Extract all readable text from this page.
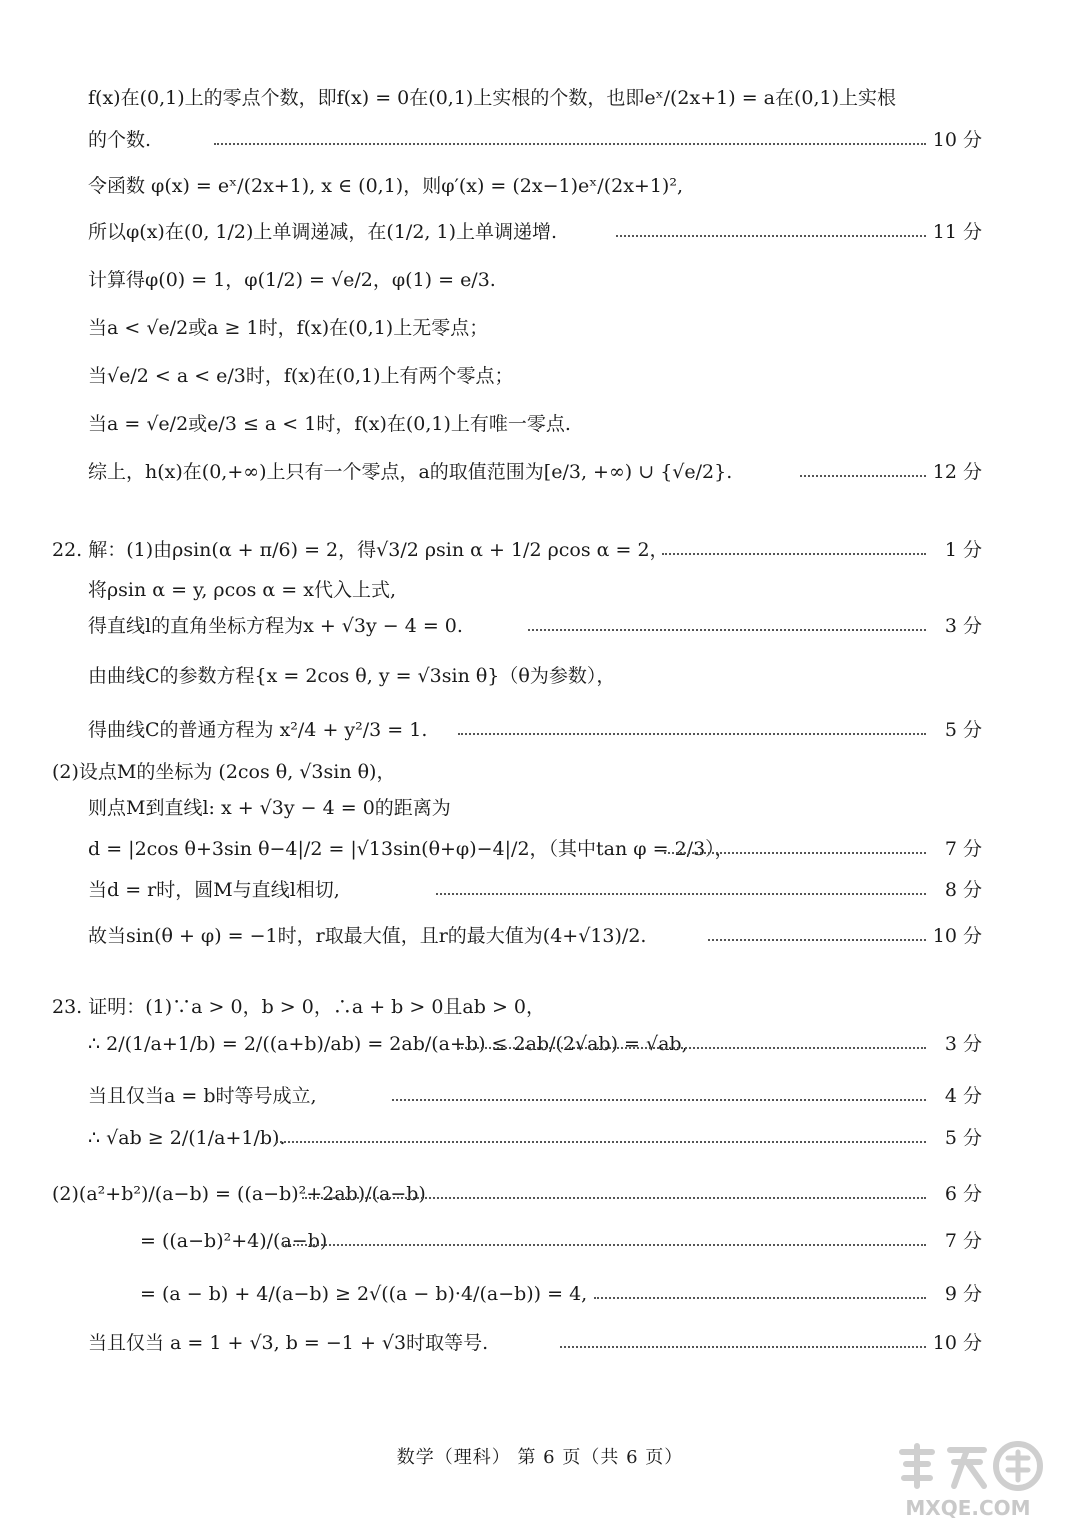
f(x)在(0,1)上的零点个数，即f(x) = 0在(0,1)上实根的个数，也即eˣ/(2x+1) = a在(0,1)上实根
的个数.	10 分
令函数 φ(x) = eˣ/(2x+1), x ∈ (0,1)，则φ′(x) = (2x−1)eˣ/(2x+1)²,
所以φ(x)在(0, 1/2)上单调递减，在(1/2, 1)上单调递增.	11 分
计算得φ(0) = 1，φ(1/2) = √e/2，φ(1) = e/3.
当a < √e/2或a ≥ 1时，f(x)在(0,1)上无零点；
当√e/2 < a < e/3时，f(x)在(0,1)上有两个零点；
当a = √e/2或e/3 ≤ a < 1时，f(x)在(0,1)上有唯一零点.
综上，h(x)在(0,+∞)上只有一个零点，a的取值范围为[e/3, +∞) ∪ {√e/2}.	12 分
22. 解：(1)由ρsin(α + π/6) = 2，得√3/2 ρsin α + 1/2 ρcos α = 2，	1 分
将ρsin α = y, ρcos α = x代入上式,
得直线l的直角坐标方程为x + √3y − 4 = 0.	3 分
由曲线C的参数方程{x = 2cos θ, y = √3sin θ}（θ为参数），
得曲线C的普通方程为 x²/4 + y²/3 = 1.	5 分
(2)设点M的坐标为 (2cos θ, √3sin θ)，
则点M到直线l: x + √3y − 4 = 0的距离为
d = |2cos θ+3sin θ−4|/2 = |√13sin(θ+φ)−4|/2，（其中tan φ = 2/3），	7 分
当d = r时，圆M与直线l相切,	8 分
故当sin(θ + φ) = −1时，r取最大值，且r的最大值为(4+√13)/2.	10 分
23. 证明：(1)∵a > 0，b > 0，∴a + b > 0且ab > 0，
∴ 2/(1/a+1/b) = 2/((a+b)/ab) = 2ab/(a+b) ≤ 2ab/(2√ab) = √ab,	3 分
当且仅当a = b时等号成立,	4 分
∴ √ab ≥ 2/(1/a+1/b).	5 分
(2)(a²+b²)/(a−b) = ((a−b)²+2ab)/(a−b)	6 分
= ((a−b)²+4)/(a−b)	7 分
= (a − b) + 4/(a−b) ≥ 2√((a − b)·4/(a−b)) = 4,	9 分
当且仅当 a = 1 + √3, b = −1 + √3时取等号.	10 分
数学（理科） 第 6 页（共 6 页）
MXQE.COM
